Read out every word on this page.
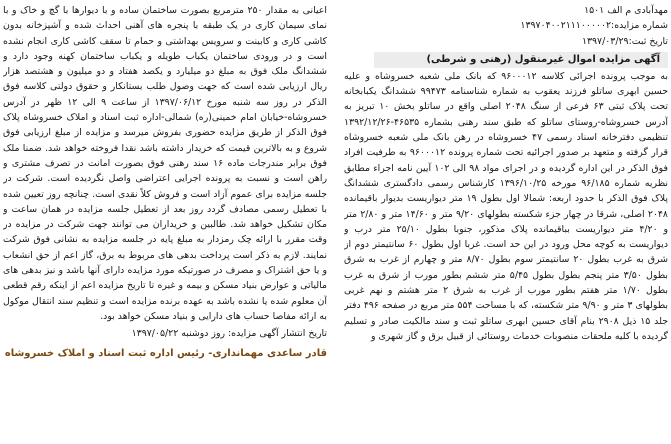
مهدآبادی م الف ۱۵۰۱

شماره مزایده:۱۳۹۷۰۴۰۰۲۱۱۱۰۰۰۰۰۲

تاریخ ثبت:۱۳۹۷/۰۳/۲۹

آگهی مزایده اموال غیرمنقول (رهنی و شرطی)

به موجب پرونده اجرائی کلاسه ۹۶۰۰۰۱۲ که بانک ملی شعبه خسروشاه و علیه حسین ابهری ساتلو فرزند یعقوب به شماره شناسنامه ۹۹۴۷۳ ششدانگ یکبابخانه تحت پلاک ثبتی ۶۳ فرعی از سنگ ۲۰۴۸ اصلی واقع در ساتلو بخش ۱۰ تبریز به آدرس خسروشاه-روستای ساتلو که طبق سند رهنی بشماره ۴۶۵۳۵-۱۳۹۲/۱۲/۲۶ تنظیمی دفترخانه اسناد رسمی ۴۷ خسروشاه در رهن بانک ملی شعبه خسروشاه قرار گرفته و متعهد بر صدور اجرائیه تحت شماره پرونده ۹۶۰۰۰۱۲ به طرفیت افراد فوق الذکر در این اداره گردیده و در اجرای مواد ۹۸ الی ۱۰۲ آیین نامه اجراء مطابق نظریه شماره ۹۶/۱۸۵ مورخه ۱۳۹۶/۱۰/۲۵ کارشناس رسمی دادگستری ششدانگ پلاک فوق الذکر با حدود اربعه: شمالا اول بطول ۱۹ متر دیواریست بدیوار باقیمانده ۲۰۴۸ اصلی، شرقا در چهار جزء شکسته بطولهای ۹/۲۰ متر و ۱۴/۶۰ متر و ۲/۸۰ متر و ۴/۲۰ متر دیواریست بباقیمانده پلاک مذکور، جنوبا بطول ۲۵/۱۰ متر درب و دیواریست به کوچه محل ورود در این حد است. غربا اول بطول ۶۰ سانتیمتر دوم از شرق به غرب بطول ۲۰ سانتیمتر سوم بطول ۸/۷۰ متر و چهارم از غرب به شرق بطول ۳/۵۰ متر پنجم بطول بطول ۵/۴۵ متر ششم بطور مورب از شرق به غرب بطول ۱/۷۰ متر هفتم بطور مورب از غرب به شرق ۲ متر هشتم و نهم غربی بطولهای ۳ متر و ۹/۹۰ متر شکسته، که با مساحت ۵۵۴ متر مربع در صفحه ۴۹۶ دفتر جلد ۱۵ ذیل ۲۹۰۸ بنام آقای حسین ابهری ساتلو ثبت و سند مالکیت صادر و تسلیم گردیده با کلیه ملحقات منصوبات خدمات روستائی از قبیل برق و گاز شهری و

اعیانی به مقدار ۲۵۰ مترمربع بصورت ساختمان ساده و با دیوارها با گچ و خاک و با نمای سیمان کاری در یک طبقه با پنجره های آهنی احداث شده و آشپزخانه بدون کاشی کاری و کابینت و سرویس بهداشتی و حمام تا سقف کاشی کاری انجام نشده است و در ورودی ساختمان یکباب طویله و یکباب ساختمان کهنه وجود دارد و ششدانگ ملک فوق به مبلغ دو میلیارد و یکصد هفتاد و دو میلیون و هشتصد هزار ریال ارزیابی شده است که جهت وصول طلب بستانکار و حقوق دولتی کلاسه فوق الذکر در روز سه شنبه مورخ ۱۳۹۷/۰۶/۱۲ از ساعت ۹ الی ۱۲ ظهر در آدرس خسروشاه-خیابان امام خمینی(ره) شمالی-اداره ثبت اسناد و املاک خسروشاه پلاک فوق الذکر از طریق مزایده حضوری بفروش میرسد و مزایده از مبلغ ارزیابی فوق شروع و به بالاترین قیمت که خریدار داشته باشد نقدا فروخته خواهد شد. ضمنا ملک فوق برابر مندرجات ماده ۱۶ سند رهنی فوق بصورت امانت در تصرف مشتری و راهن است و نسبت به پرونده اجرایی اعتراضی واصل نگردیده است. شرکت در جلسه مزایده برای عموم آزاد است و فروش کلاً نقدی است. چنانچه روز تعیین شده با تعطیل رسمی مصادف گردد روز بعد از تعطیل جلسه مزایده در همان ساعت و مکان تشکیل خواهد شد. طالبین و خریداران می توانند جهت شرکت در مزایده در وقت مقرر با ارائه چک رمزدار به مبلغ پایه در جلسه مزایده به نشانی فوق شرکت نمایند. لازم به ذکر است پرداخت بدهی های مربوط به برق، گاز اعم از حق انشعاب و یا حق اشتراک و مصرف در صورتیکه مورد مزایده دارای آنها باشد و نیز بدهی های مالیاتی و عوارض بنیاد مسکن و بیمه و غیره تا تاریخ مزایده اعم از اینکه رقم قطعی آن معلوم شده یا نشده باشد به عهده برنده مزایده است و تنظیم سند انتقال موکول به ارائه مفاصا حساب های دارایی و بنیاد مسکن خواهد بود.

تاریخ انتشار آگهی مزایده: روز دوشنبه ۱۳۹۷/۰۵/۲۲

قادر ساعدی مهمانداری- رئیس اداره ثبت اسناد و املاک خسروشاه
